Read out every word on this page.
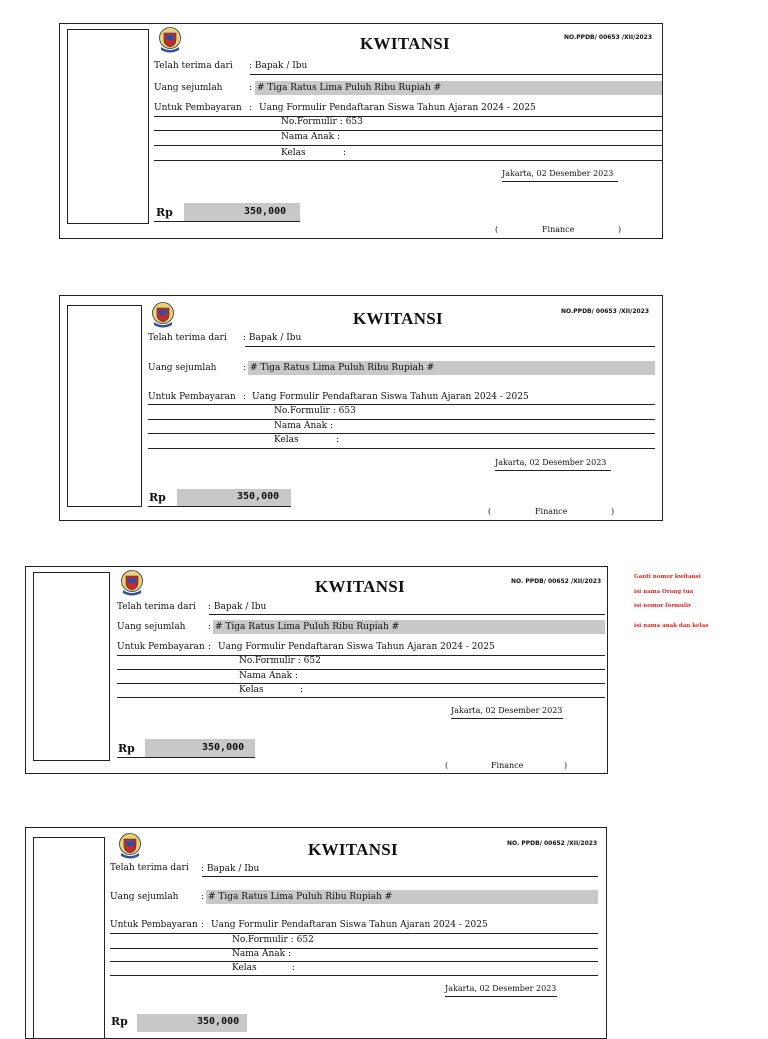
KWITANSI	NO.PPDB/ 00653 /XII/2023
Telah terima dari : Bapak / Ibu
Uang sejumlah	: # Tiga Ratus Lima Puluh Ribu Rupiah #
Untuk Pembayaran : Uang Formulir Pendaftaran Siswa Tahun Ajaran 2024 - 2025
No.Formulir : 653
Nama Anak :
Kelas	:
Jakarta, 02 Desember 2023
Rp	350,000
(	Finance	)
KWITANSI	NO.PPDB/ 00653 /XII/2023
Telah terima dari : Bapak / Ibu
Uang sejumlah	: # Tiga Ratus Lima Puluh Ribu Rupiah #
Untuk Pembayaran : Uang Formulir Pendaftaran Siswa Tahun Ajaran 2024 - 2025
No.Formulir : 653
Nama Anak :
Kelas	:
Jakarta, 02 Desember 2023
Rp	350,000
(	Finance	)
KWITANSI	NO. PPDB/ 00652 /XII/2023
Telah terima dari : Bapak / Ibu
Uang sejumlah	: # Tiga Ratus Lima Puluh Ribu Rupiah #
Untuk Pembayaran : Uang Formulir Pendaftaran Siswa Tahun Ajaran 2024 - 2025
No.Formulir : 652
Nama Anak :
Kelas	:
Jakarta, 02 Desember 2023
Rp	350,000
(	Finance	)
Ganti nomor kwitansi
isi nama Orang tua
isi nomor formulir
isi nama anak dan kelas
KWITANSI	NO. PPDB/ 00652 /XII/2023
Telah terima dari : Bapak / Ibu
Uang sejumlah	: # Tiga Ratus Lima Puluh Ribu Rupiah #
Untuk Pembayaran : Uang Formulir Pendaftaran Siswa Tahun Ajaran 2024 - 2025
No.Formulir : 652
Nama Anak :
Kelas	:
Jakarta, 02 Desember 2023
Rp	350,000
